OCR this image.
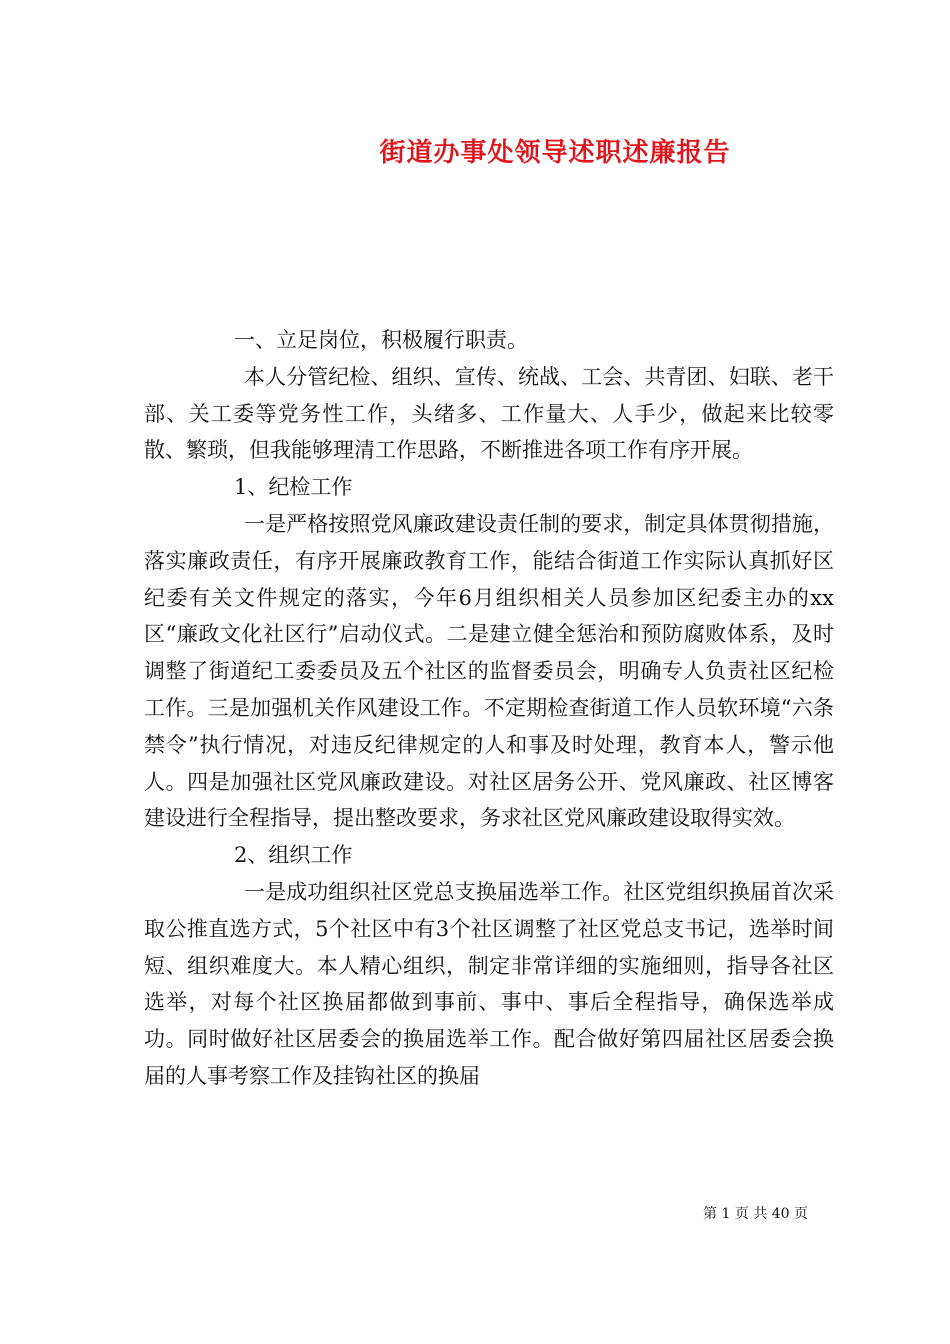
街道办事处领导述职述廉报告

一、立足岗位，积极履行职责。

本人分管纪检、组织、宣传、统战、工会、共青团、妇联、老干部、关工委等党务性工作，头绪多、工作量大、人手少，做起来比较零散、繁琐，但我能够理清工作思路，不断推进各项工作有序开展。

1、纪检工作

一是严格按照党风廉政建设责任制的要求，制定具体贯彻措施，落实廉政责任，有序开展廉政教育工作，能结合街道工作实际认真抓好区纪委有关文件规定的落实，今年6月组织相关人员参加区纪委主办的xx区“廉政文化社区行”启动仪式。二是建立健全惩治和预防腐败体系，及时调整了街道纪工委委员及五个社区的监督委员会，明确专人负责社区纪检工作。三是加强机关作风建设工作。不定期检查街道工作人员软环境“六条禁令”执行情况，对违反纪律规定的人和事及时处理，教育本人，警示他人。四是加强社区党风廉政建设。对社区居务公开、党风廉政、社区博客建设进行全程指导，提出整改要求，务求社区党风廉政建设取得实效。

2、组织工作

一是成功组织社区党总支换届选举工作。社区党组织换届首次采取公推直选方式，5个社区中有3个社区调整了社区党总支书记，选举时间短、组织难度大。本人精心组织，制定非常详细的实施细则，指导各社区选举，对每个社区换届都做到事前、事中、事后全程指导，确保选举成功。同时做好社区居委会的换届选举工作。配合做好第四届社区居委会换届的人事考察工作及挂钩社区的换届

第 1 页 共 40 页
